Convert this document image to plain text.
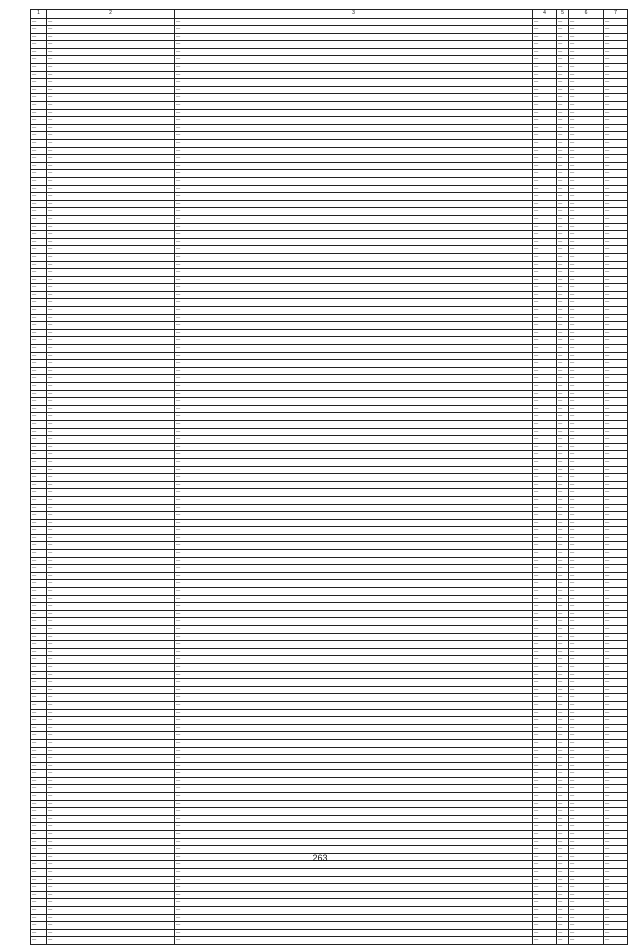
1	2	3	4	5	6	7
—	—	—	—	—	—	—
—	—	—	—	—	—	—
—	—	—	—	—	—	—
—	—	—	—	—	—	—
—	—	—	—	—	—	—
—	—	—	—	—	—	—
—	—	—	—	—	—	—
—	—	—	—	—	—	—
—	—	—	—	—	—	—
—	—	—	—	—	—	—
—	—	—	—	—	—	—
—	—	—	—	—	—	—
—	—	—	—	—	—	—
—	—	—	—	—	—	—
—	—	—	—	—	—	—
—	—	—	—	—	—	—
—	—	—	—	—	—	—
—	—	—	—	—	—	—
—	—	—	—	—	—	—
—	—	—	—	—	—	—
—	—	—	—	—	—	—
—	—	—	—	—	—	—
—	—	—	—	—	—	—
—	—	—	—	—	—	—
—	—	—	—	—	—	—
—	—	—	—	—	—	—
—	—	—	—	—	—	—
—	—	—	—	—	—	—
—	—	—	—	—	—	—
—	—	—	—	—	—	—
—	—	—	—	—	—	—
—	—	—	—	—	—	—
—	—	—	—	—	—	—
—	—	—	—	—	—	—
—	—	—	—	—	—	—
—	—	—	—	—	—	—
—	—	—	—	—	—	—
—	—	—	—	—	—	—
—	—	—	—	—	—	—
—	—	—	—	—	—	—
—	—	—	—	—	—	—
—	—	—	—	—	—	—
—	—	—	—	—	—	—
—	—	—	—	—	—	—
—	—	—	—	—	—	—
—	—	—	—	—	—	—
—	—	—	—	—	—	—
—	—	—	—	—	—	—
—	—	—	—	—	—	—
—	—	—	—	—	—	—
—	—	—	—	—	—	—
—	—	—	—	—	—	—
—	—	—	—	—	—	—
—	—	—	—	—	—	—
—	—	—	—	—	—	—
—	—	—	—	—	—	—
—	—	—	—	—	—	—
—	—	—	—	—	—	—
—	—	—	—	—	—	—
—	—	—	—	—	—	—
—	—	—	—	—	—	—
—	—	—	—	—	—	—
—	—	—	—	—	—	—
—	—	—	—	—	—	—
—	—	—	—	—	—	—
—	—	—	—	—	—	—
—	—	—	—	—	—	—
—	—	—	—	—	—	—
—	—	—	—	—	—	—
—	—	—	—	—	—	—
—	—	—	—	—	—	—
—	—	—	—	—	—	—
—	—	—	—	—	—	—
—	—	—	—	—	—	—
—	—	—	—	—	—	—
—	—	—	—	—	—	—
—	—	—	—	—	—	—
—	—	—	—	—	—	—
—	—	—	—	—	—	—
—	—	—	—	—	—	—
—	—	—	—	—	—	—
—	—	—	—	—	—	—
—	—	—	—	—	—	—
—	—	—	—	—	—	—
—	—	—	—	—	—	—
—	—	—	—	—	—	—
—	—	—	—	—	—	—
—	—	—	—	—	—	—
—	—	—	—	—	—	—
—	—	—	—	—	—	—
—	—	—	—	—	—	—
—	—	—	—	—	—	—
—	—	—	—	—	—	—
—	—	—	—	—	—	—
—	—	—	—	—	—	—
—	—	—	—	—	—	—
—	—	—	—	—	—	—
—	—	—	—	—	—	—
—	—	—	—	—	—	—
—	—	—	—	—	—	—
—	—	—	—	—	—	—
—	—	—	—	—	—	—
—	—	—	—	—	—	—
—	—	—	—	—	—	—
—	—	—	—	—	—	—
—	—	—	—	—	—	—
—	—	—	—	—	—	—
—	—	—	—	—	—	—
—	—	—	—	—	—	—
—	—	—	—	—	—	—
—	—	—	—	—	—	—
—	—	—	—	—	—	—
—	—	—	—	—	—	—
—	—	—	—	—	—	—
—	—	—	—	—	—	—
—	—	—	—	—	—	—
—	—	—	—	—	—	—
—	—	—	—	—	—	—
—	—	—	—	—	—	—
—	—	—	—	—	—	—
—	—	—	—	—	—	—
—	—	—	—	—	—	—
263
